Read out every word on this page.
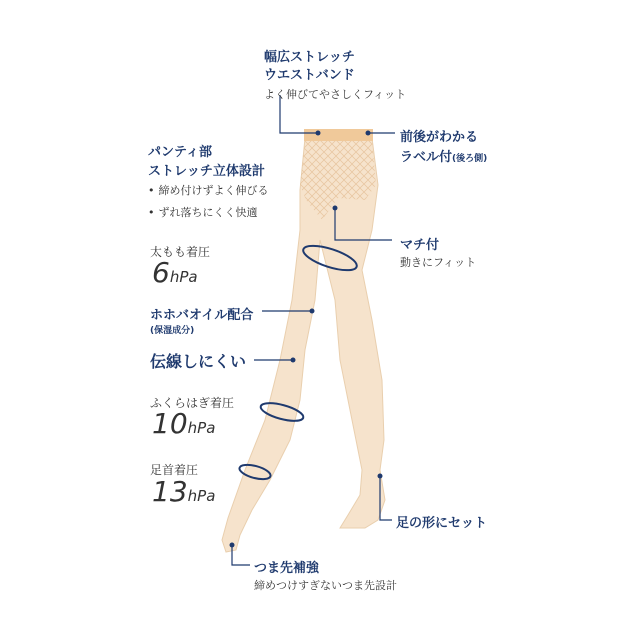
幅広ストレッチ
ウエストバンド
よく伸びてやさしくフィット
前後がわかる
ラベル付(後ろ側)
パンティ部
ストレッチ立体設計
• 締め付けずよく伸びる
• ずれ落ちにくく快適
太もも着圧
6hPa
マチ付
動きにフィット
ホホバオイル配合
(保湿成分)
伝線しにくい
ふくらはぎ着圧
10hPa
足首着圧
13hPa
足の形にセット
つま先補強
締めつけすぎないつま先設計
